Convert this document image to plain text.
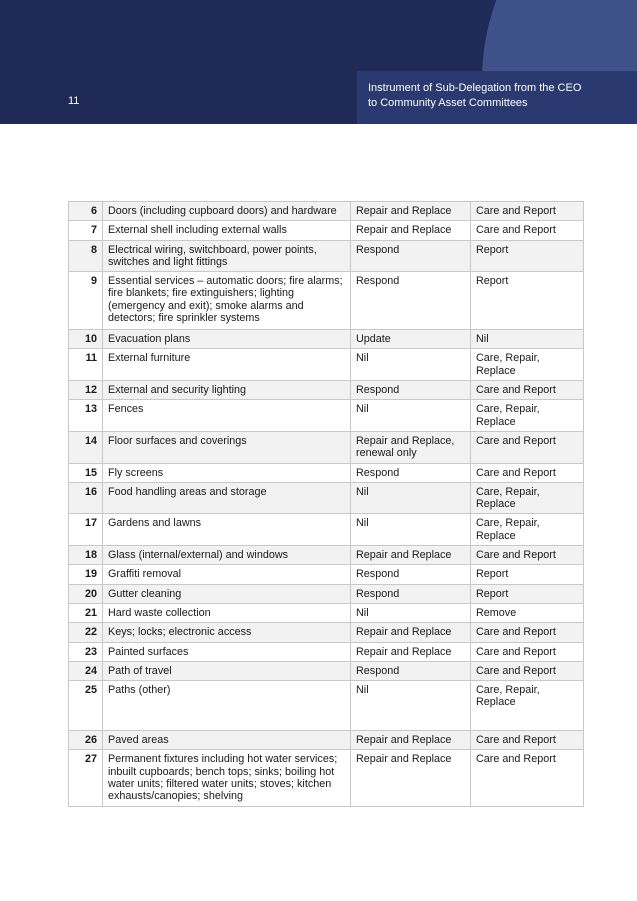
11
Instrument of Sub-Delegation from the CEO
to Community Asset Committees
6	Doors (including cupboard doors) and hardware	Repair and Replace	Care and Report
7	External shell including external walls	Repair and Replace	Care and Report
8	Electrical wiring, switchboard, power points, switches and light fittings	Respond	Report
9	Essential services – automatic doors; fire alarms; fire blankets; fire extinguishers; lighting (emergency and exit); smoke alarms and detectors; fire sprinkler systems	Respond	Report
10	Evacuation plans	Update	Nil
11	External furniture	Nil	Care, Repair, Replace
12	External and security lighting	Respond	Care and Report
13	Fences	Nil	Care, Repair, Replace
14	Floor surfaces and coverings	Repair and Replace, renewal only	Care and Report
15	Fly screens	Respond	Care and Report
16	Food handling areas and storage	Nil	Care, Repair, Replace
17	Gardens and lawns	Nil	Care, Repair, Replace
18	Glass (internal/external) and windows	Repair and Replace	Care and Report
19	Graffiti removal	Respond	Report
20	Gutter cleaning	Respond	Report
21	Hard waste collection	Nil	Remove
22	Keys; locks; electronic access	Repair and Replace	Care and Report
23	Painted surfaces	Repair and Replace	Care and Report
24	Path of travel	Respond	Care and Report
25	Paths (other)	Nil	Care, Repair, Replace
26	Paved areas	Repair and Replace	Care and Report
27	Permanent fixtures including hot water services; inbuilt cupboards; bench tops; sinks; boiling hot water units; filtered water units; stoves; kitchen exhausts/canopies; shelving	Repair and Replace	Care and Report
